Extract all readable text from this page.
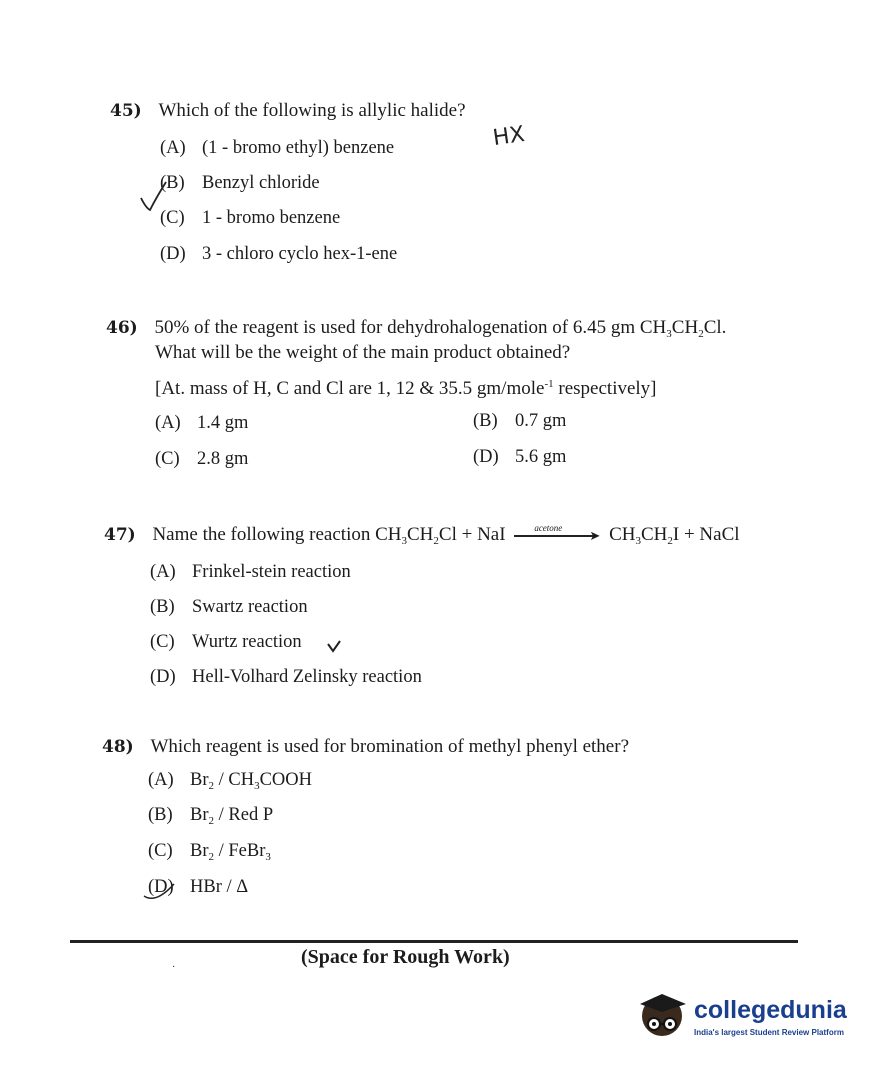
45) Which of the following is allylic halide?
HX
(A) (1 - bromo ethyl) benzene
(B) Benzyl chloride
(C) 1 - bromo benzene
(D) 3 - chloro cyclo hex-1-ene
46) 50% of the reagent is used for dehydrohalogenation of 6.45 gm $CH_3CH_2Cl$.
What will be the weight of the main product obtained?
[At. mass of H, C and Cl are 1, 12 & 35.5 gm/mole$^{-1}$ respectively]
(A) 1.4 gm	(B) 0.7 gm
(C) 2.8 gm	(D) 5.6 gm
47) Name the following reaction $CH_3CH_2Cl$ + NaI	acetone ➤ $CH_3CH_2I$ + NaCl
(A) Frinkel-stein reaction
(B) Swartz reaction
(C) Wurtz reaction
(D) Hell-Volhard Zelinsky reaction
48) Which reagent is used for bromination of methyl phenyl ether?
(A) $Br_2$ / $CH_3COOH$
(B) $Br_2$ / Red P
(C) $Br_2$ / FeBr$_3$
(D) HBr / Δ
·	(Space for Rough Work)
collegedunia
India's largest Student Review Platform
